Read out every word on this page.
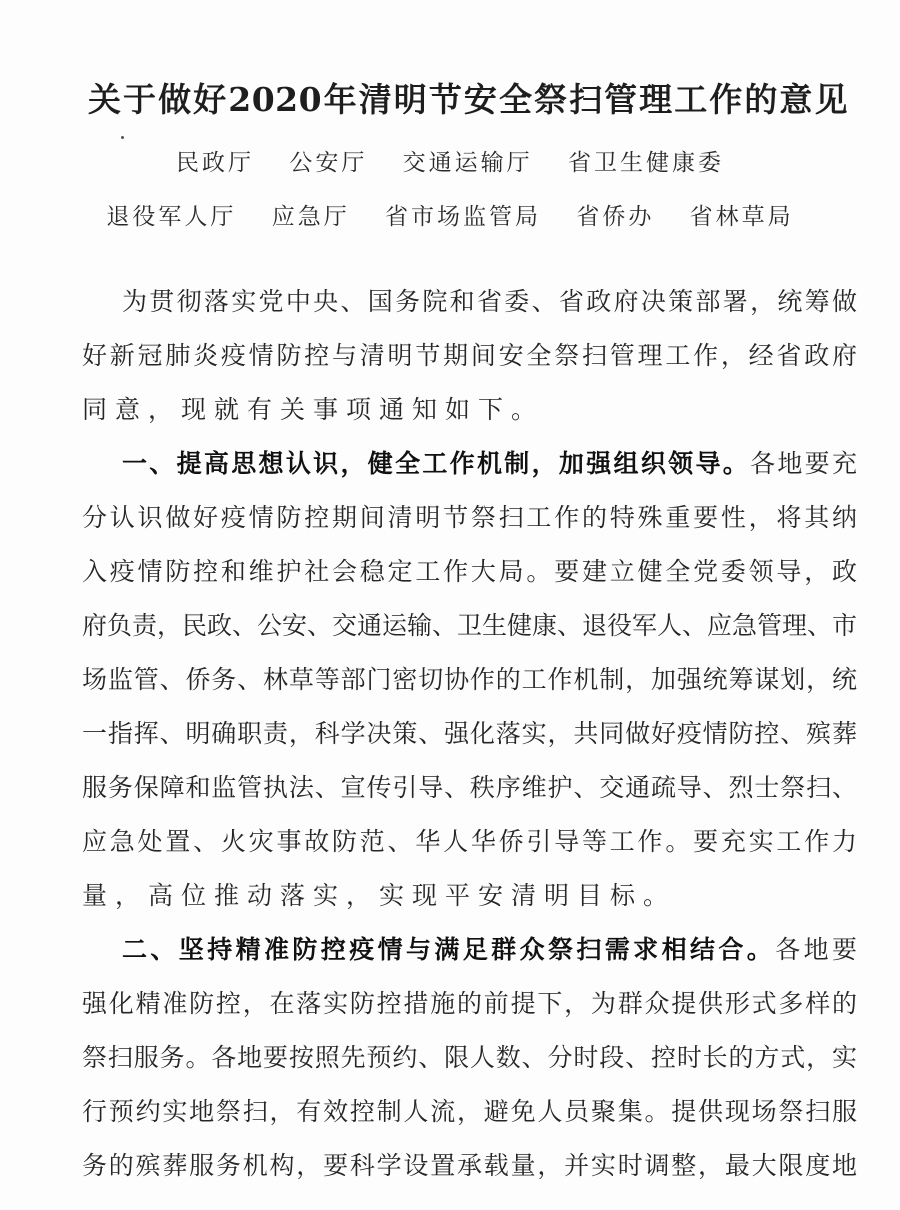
关于做好2020年清明节安全祭扫管理工作的意见
民政厅 公安厅 交通运输厅 省卫生健康委
退役军人厅 应急厅 省市场监管局 省侨办 省林草局
为贯彻落实党中央、国务院和省委、省政府决策部署，统筹做
好新冠肺炎疫情防控与清明节期间安全祭扫管理工作，经省政府
同意，现就有关事项通知如下。
一、提高思想认识，健全工作机制，加强组织领导。各地要充
分认识做好疫情防控期间清明节祭扫工作的特殊重要性，将其纳
入疫情防控和维护社会稳定工作大局。要建立健全党委领导，政
府负责，民政、公安、交通运输、卫生健康、退役军人、应急管理、市
场监管、侨务、林草等部门密切协作的工作机制，加强统筹谋划，统
一指挥、明确职责，科学决策、强化落实，共同做好疫情防控、殡葬
服务保障和监管执法、宣传引导、秩序维护、交通疏导、烈士祭扫、
应急处置、火灾事故防范、华人华侨引导等工作。要充实工作力
量，高位推动落实，实现平安清明目标。
二、坚持精准防控疫情与满足群众祭扫需求相结合。各地要
强化精准防控，在落实防控措施的前提下，为群众提供形式多样的
祭扫服务。各地要按照先预约、限人数、分时段、控时长的方式，实
行预约实地祭扫，有效控制人流，避免人员聚集。提供现场祭扫服
务的殡葬服务机构，要科学设置承载量，并实时调整，最大限度地
